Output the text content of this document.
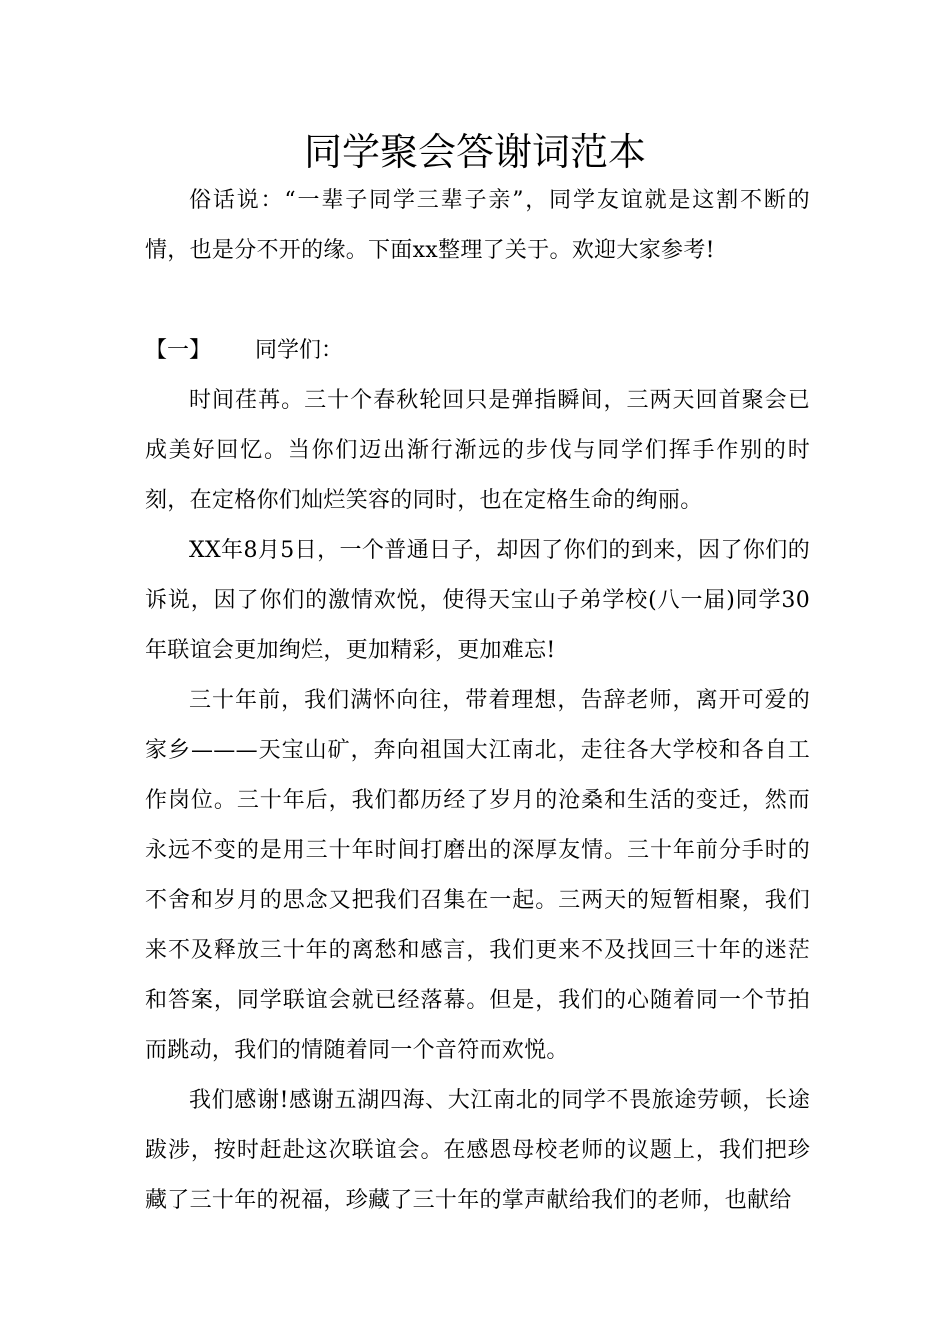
同学聚会答谢词范本

俗话说：“一辈子同学三辈子亲”，同学友谊就是这割不断的情，也是分不开的缘。下面xx整理了关于。欢迎大家参考!

【一】 同学们：

时间荏苒。三十个春秋轮回只是弹指瞬间，三两天回首聚会已成美好回忆。当你们迈出渐行渐远的步伐与同学们挥手作别的时刻，在定格你们灿烂笑容的同时，也在定格生命的绚丽。

XX年8月5日，一个普通日子，却因了你们的到来，因了你们的诉说，因了你们的激情欢悦，使得天宝山子弟学校(八一届)同学30年联谊会更加绚烂，更加精彩，更加难忘!

三十年前，我们满怀向往，带着理想，告辞老师，离开可爱的家乡———天宝山矿，奔向祖国大江南北，走往各大学校和各自工作岗位。三十年后，我们都历经了岁月的沧桑和生活的变迁，然而永远不变的是用三十年时间打磨出的深厚友情。三十年前分手时的不舍和岁月的思念又把我们召集在一起。三两天的短暂相聚，我们来不及释放三十年的离愁和感言，我们更来不及找回三十年的迷茫和答案，同学联谊会就已经落幕。但是，我们的心随着同一个节拍而跳动，我们的情随着同一个音符而欢悦。

我们感谢!感谢五湖四海、大江南北的同学不畏旅途劳顿，长途跋涉，按时赶赴这次联谊会。在感恩母校老师的议题上，我们把珍藏了三十年的祝福，珍藏了三十年的掌声献给我们的老师，也献给
